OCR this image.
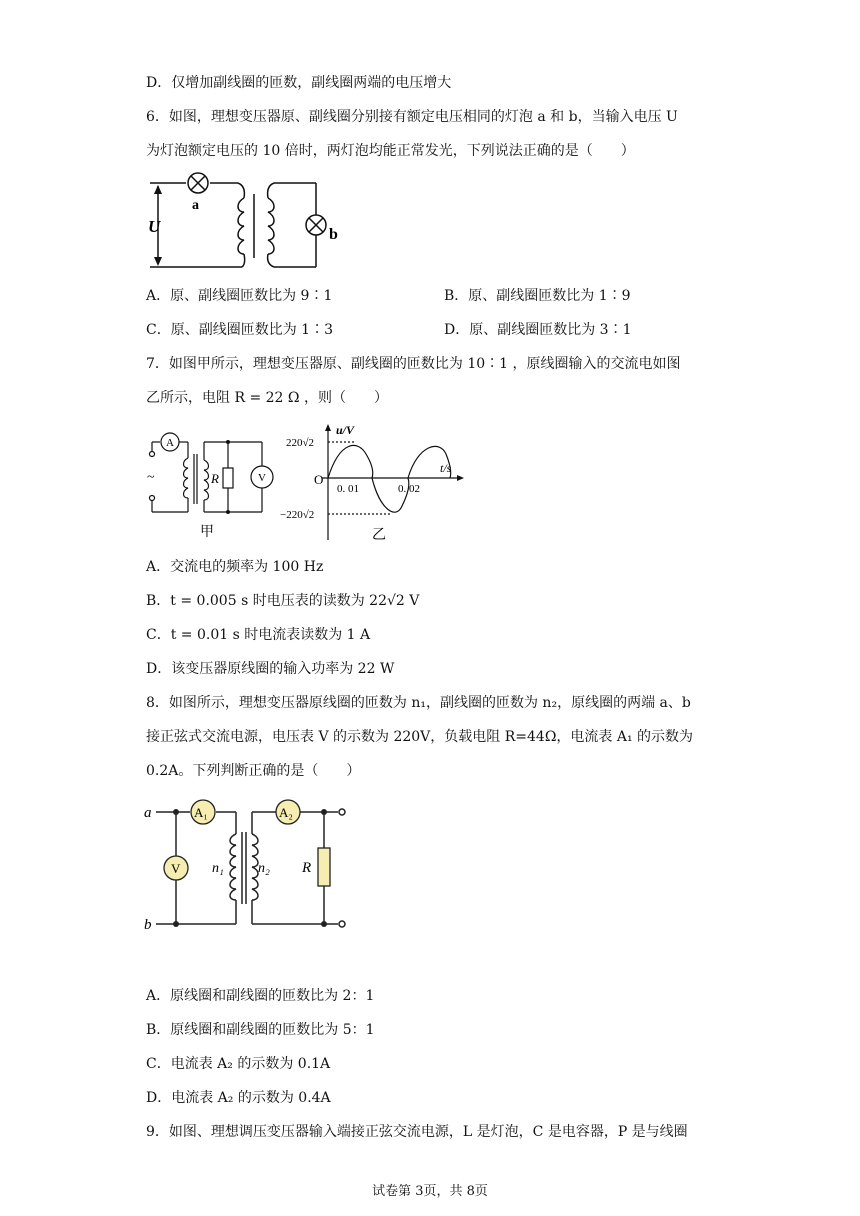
D．仅增加副线圈的匝数，副线圈两端的电压增大
6．如图，理想变压器原、副线圈分别接有额定电压相同的灯泡 a 和 b，当输入电压 U
为灯泡额定电压的 10 倍时，两灯泡均能正常发光，下列说法正确的是（　　）
U
a
b
A．原、副线圈匝数比为 9∶1	B．原、副线圈匝数比为 1∶9
C．原、副线圈匝数比为 1∶3	D．原、副线圈匝数比为 3∶1
7．如图甲所示，理想变压器原、副线圈的匝数比为 10∶1 ，原线圈输入的交流电如图
乙所示，电阻 R = 22 Ω ，则（　　）
A
V
R
~
甲
u/V
t/s
220√2
−220√2
O
0. 01	0. 02
乙
A．交流电的频率为 100 Hz
B．t = 0.005 s 时电压表的读数为 22√2 V
C．t = 0.01 s 时电流表读数为 1 A
D．该变压器原线圈的输入功率为 22 W
8．如图所示，理想变压器原线圈的匝数为 n₁，副线圈的匝数为 n₂，原线圈的两端 a、b
接正弦式交流电源，电压表 V 的示数为 220V，负载电阻 R=44Ω，电流表 A₁ 的示数为
0.2A。下列判断正确的是（　　）
a
b
A₁	A₂
V n₁ n₂ R
A．原线圈和副线圈的匝数比为 2：1
B．原线圈和副线圈的匝数比为 5：1
C．电流表 A₂ 的示数为 0.1A
D．电流表 A₂ 的示数为 0.4A
9．如图、理想调压变压器输入端接正弦交流电源，L 是灯泡，C 是电容器，P 是与线圈
试卷第 3页，共 8页
